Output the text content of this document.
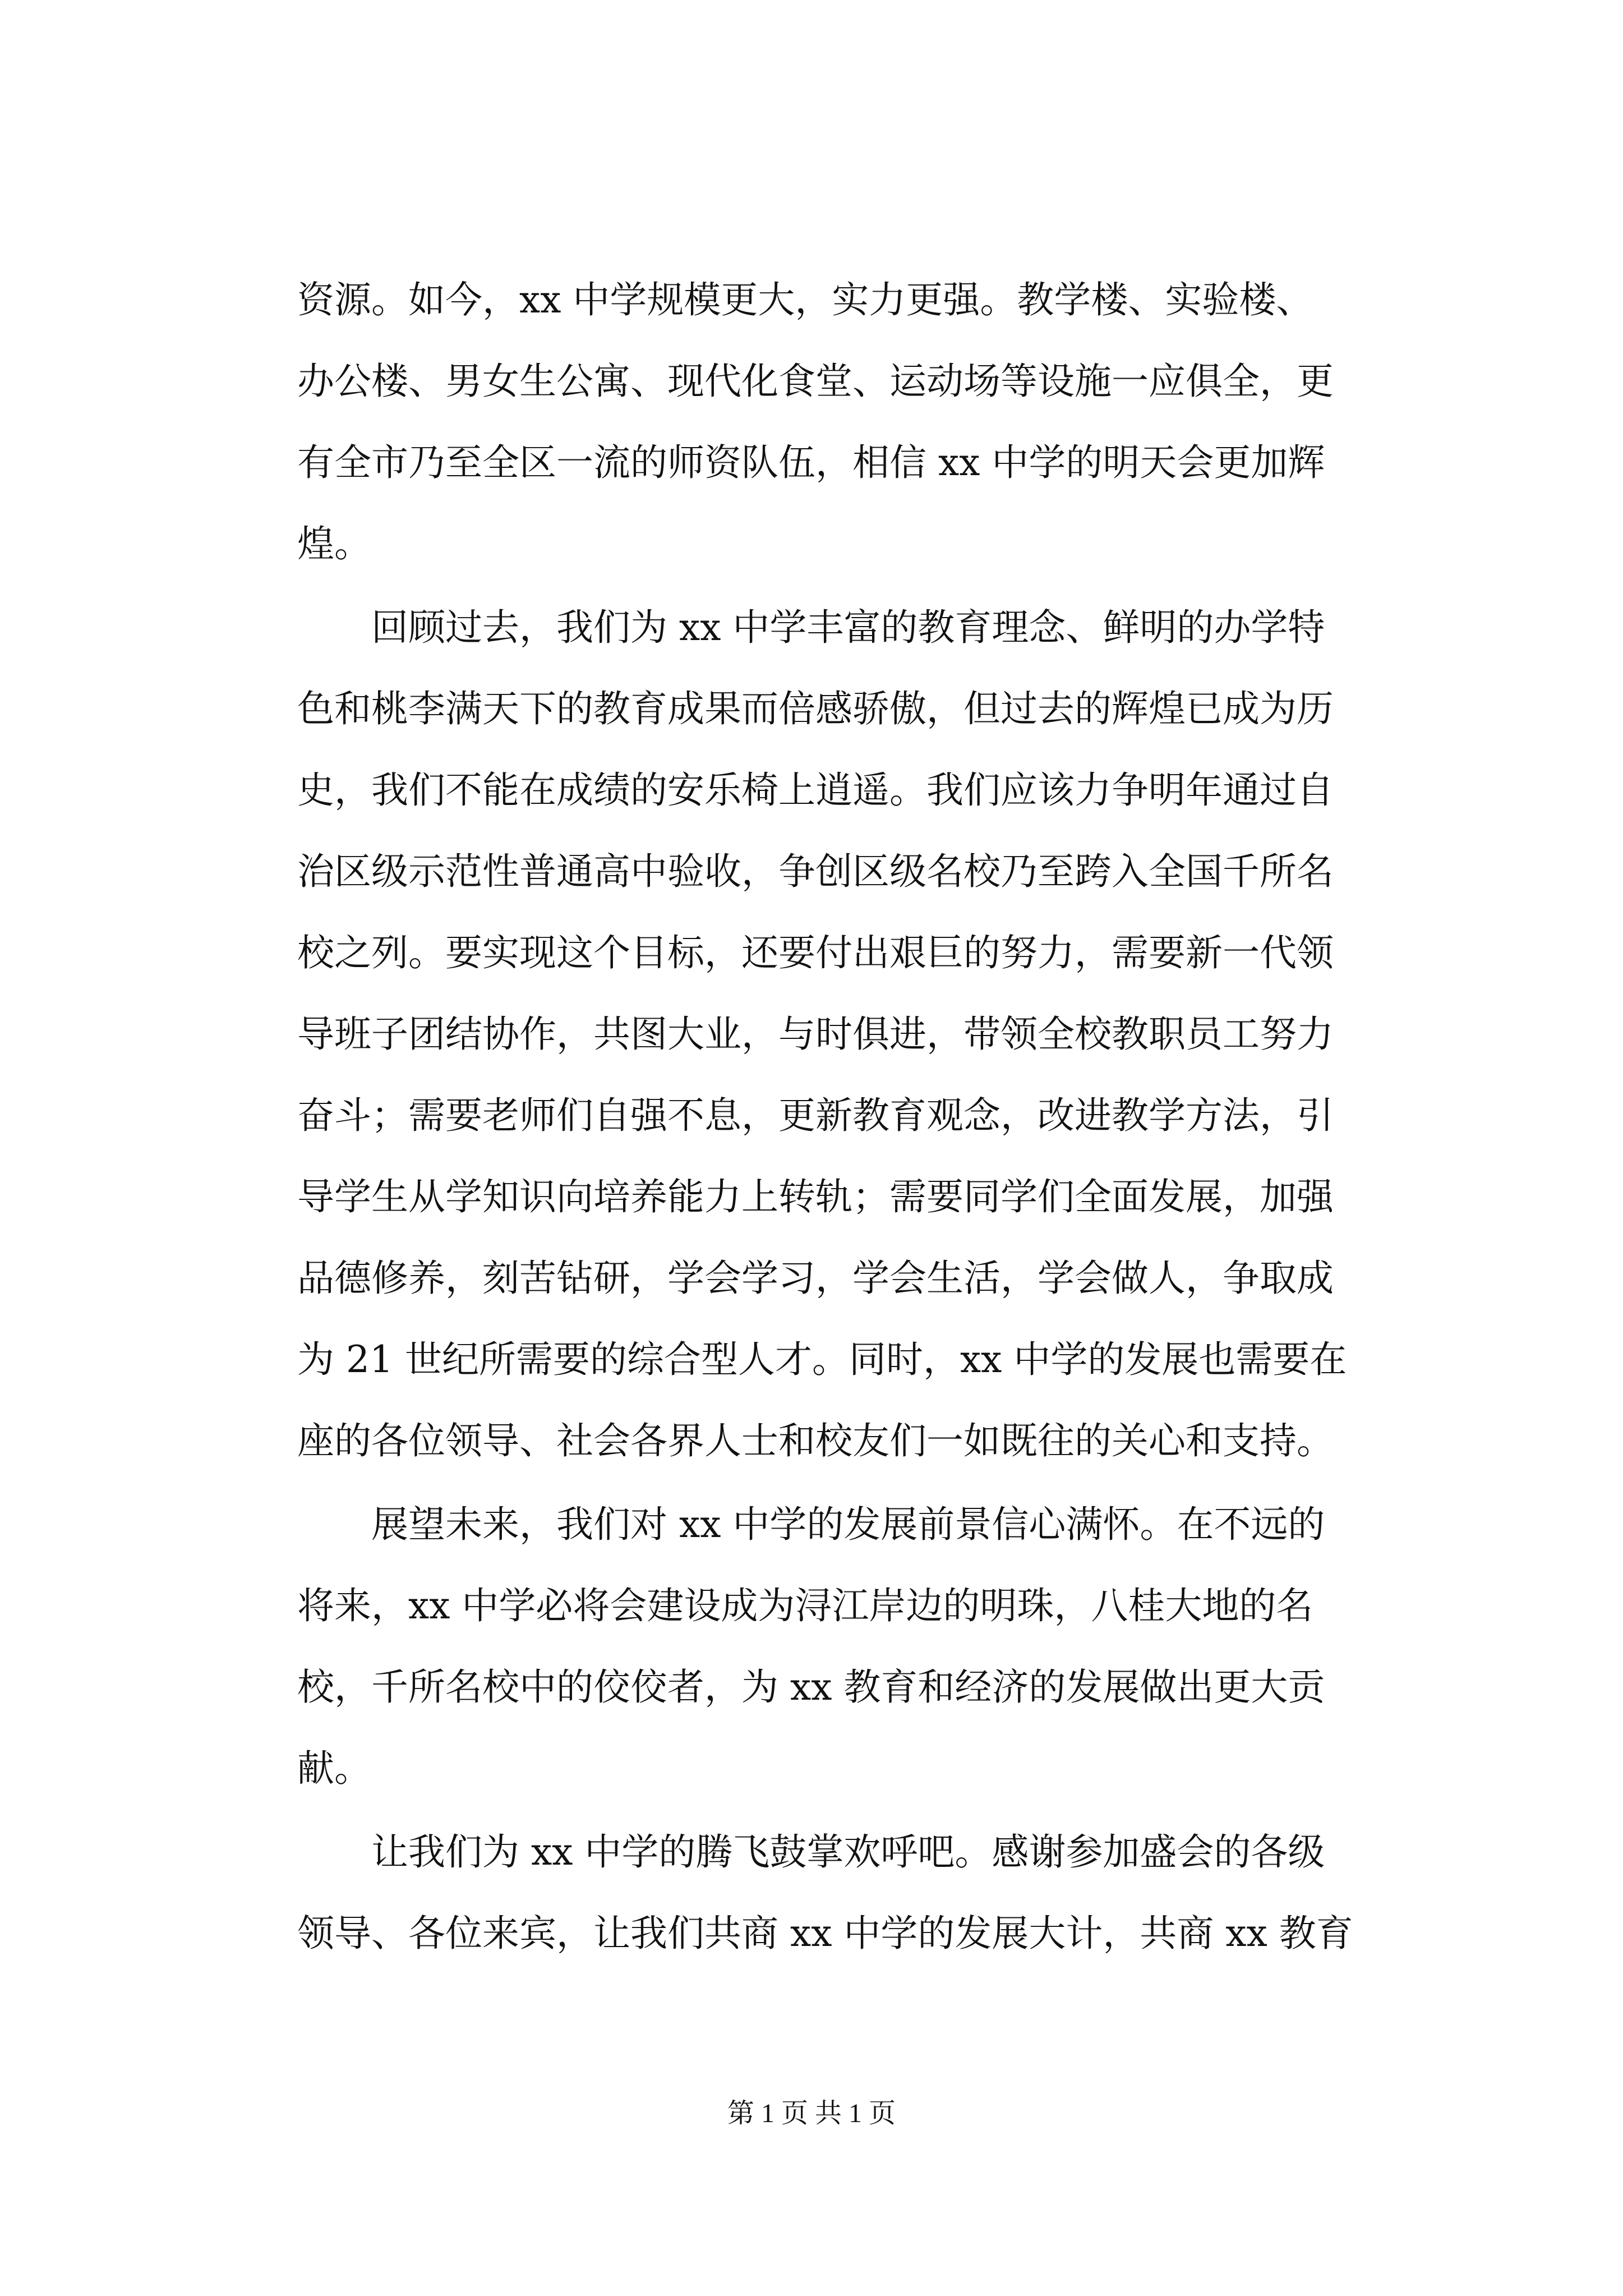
资源。如今，xx 中学规模更大，实力更强。教学楼、实验楼、
办公楼、男女生公寓、现代化食堂、运动场等设施一应俱全，更
有全市乃至全区一流的师资队伍，相信 xx 中学的明天会更加辉
煌。
　　回顾过去，我们为 xx 中学丰富的教育理念、鲜明的办学特
色和桃李满天下的教育成果而倍感骄傲，但过去的辉煌已成为历
史，我们不能在成绩的安乐椅上逍遥。我们应该力争明年通过自
治区级示范性普通高中验收，争创区级名校乃至跨入全国千所名
校之列。要实现这个目标，还要付出艰巨的努力，需要新一代领
导班子团结协作，共图大业，与时俱进，带领全校教职员工努力
奋斗；需要老师们自强不息，更新教育观念，改进教学方法，引
导学生从学知识向培养能力上转轨；需要同学们全面发展，加强
品德修养，刻苦钻研，学会学习，学会生活，学会做人，争取成
为 21 世纪所需要的综合型人才。同时，xx 中学的发展也需要在
座的各位领导、社会各界人士和校友们一如既往的关心和支持。
　　展望未来，我们对 xx 中学的发展前景信心满怀。在不远的
将来，xx 中学必将会建设成为浔江岸边的明珠，八桂大地的名
校，千所名校中的佼佼者，为 xx 教育和经济的发展做出更大贡
献。
　　让我们为 xx 中学的腾飞鼓掌欢呼吧。感谢参加盛会的各级
领导、各位来宾，让我们共商 xx 中学的发展大计，共商 xx 教育
第 1 页 共 1 页
